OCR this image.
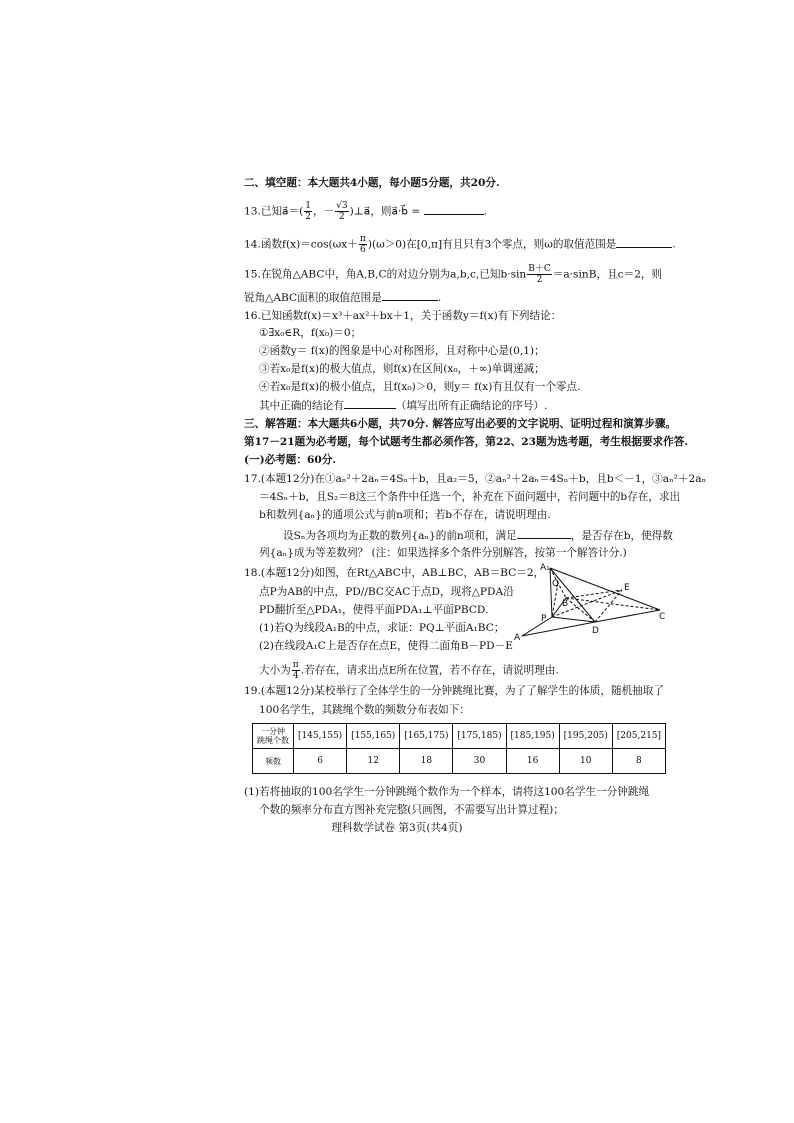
二、填空题：本大题共4小题，每小题5分题，共20分.
13.已知a⃗＝( $\frac{1}{2}$ ，－ $\frac{√3}{2}$ )⊥a⃗，则a⃗·b⃗ =	.
14.函数$f(x)=\cos(\omega x+ \frac{\pi}{6} )(\omega>0)$在[0,π]有且只有3个零点，则ω的取值范围是	.
15.在锐角△ABC中，角A,B,C的对边分别为a,b,c,已知$b\cdot\sin \frac{B+C}{2} =a\cdot\sin B$，且c＝2，则
锐角△ABC面积的取值范围是	.
16.已知函数f(x)＝x³＋ax²＋bx＋1，关于函数y＝f(x)有下列结论：
①∃x₀∈R，f(x₀)＝0；
②函数y＝ f(x)的图象是中心对称图形，且对称中心是(0,1)；
③若x₀是f(x)的极大值点，则f(x)在区间(x₀，＋∞)单调递减；
④若x₀是f(x)的极小值点，且f(x₀)＞0，则y＝ f(x)有且仅有一个零点.
其中正确的结论有	（填写出所有正确结论的序号）.
三、解答题：本大题共6小题，共70分. 解答应写出必要的文字说明、证明过程和演算步骤。
第17－21题为必考题，每个试题考生都必须作答，第22、23题为选考题，考生根据要求作答.
(一)必考题：60分.
17.(本题12分)在①aₙ²＋2aₙ＝4Sₙ＋b，且a₂＝5，②aₙ²＋2aₙ＝4Sₙ＋b，且b＜－1，③aₙ²＋2aₙ
＝4Sₙ＋b，且S₂＝8这三个条件中任选一个，补充在下面问题中，若问题中的b存在，求出
b和数列{aₙ}的通项公式与前n项和；若b不存在，请说明理由.
设Sₙ为各项均为正数的数列{aₙ}的前n项和，满足	，是否存在b，使得数
列{aₙ}成为等差数列？ (注：如果选择多个条件分别解答，按第一个解答计分.)
18.(本题12分)如图，在Rt△ABC中，AB⊥BC，AB＝BC＝2，
点P为AB的中点，PD//BC交AC于点D，现将△PDA沿
PD翻折至△PDA₁，使得平面PDA₁⊥平面PBCD.
(1)若Q为线段A₁B的中点，求证：PQ⊥平面A₁BC；
(2)在线段A₁C上是否存在点E，使得二面角B－PD－E
大小为 $\frac{\pi}{4}$ .若存在，请求出点E所在位置，若不存在，请说明理由.
A₁
Q	E
B
P	C
D
A
19.(本题12分)某校举行了全体学生的一分钟跳绳比赛，为了了解学生的体质，随机抽取了
100名学生，其跳绳个数的频数分布表如下：
一分钟
跳绳个数	[145,155)	[155,165)	[165,175)	[175,185)	[185,195)	[195,205)	[205,215]
频数	6	12	18	30	16	10	8
(1)若将抽取的100名学生一分钟跳绳个数作为一个样本，请将这100名学生一分钟跳绳
个数的频率分布直方图补充完整(只画图，不需要写出计算过程)；
理科数学试卷 第3页(共4页)
